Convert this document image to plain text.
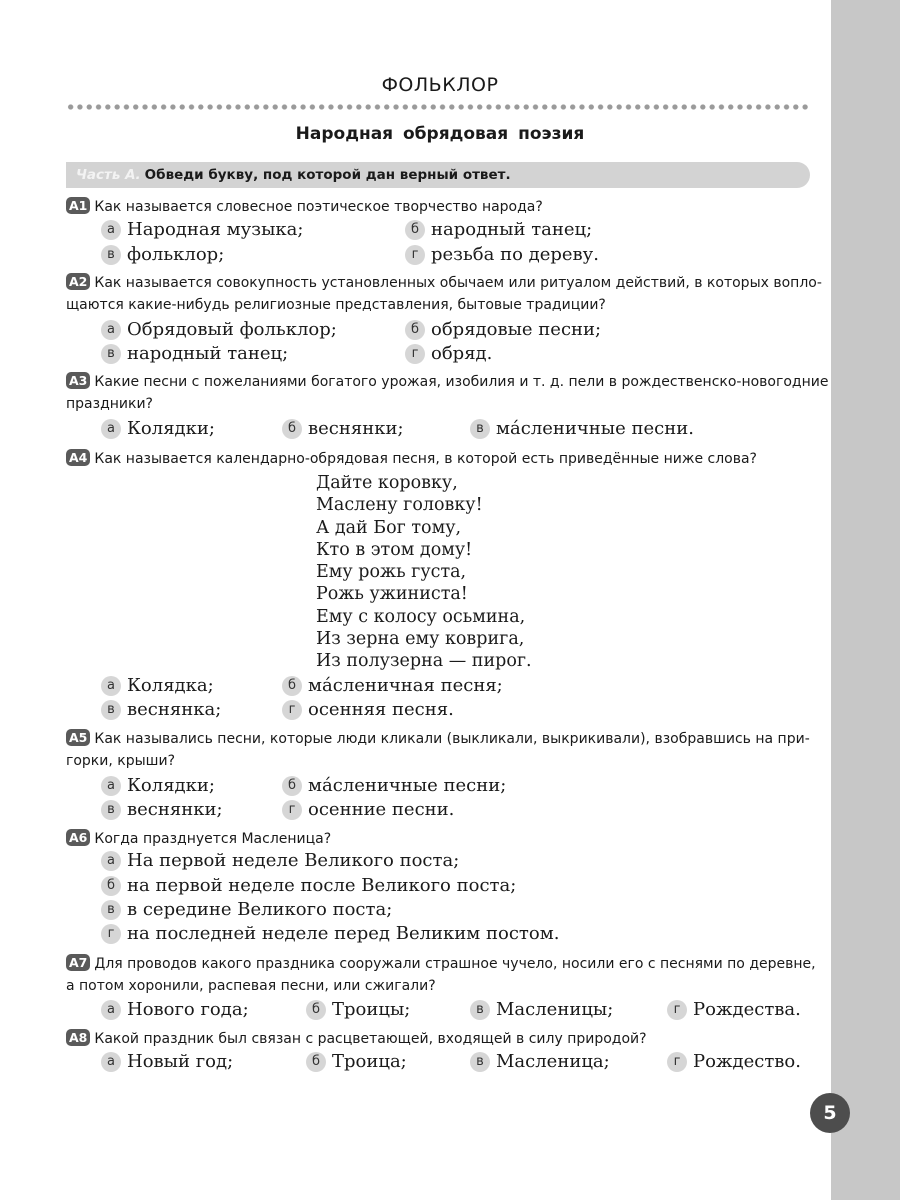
ФОЛЬКЛОР
Народная обрядовая поэзия
Часть А. Обведи букву, под которой дан верный ответ.
А1 Как называется словесное поэтическое творчество народа?
а Народная музыка;	б народный танец;
в фольклор;	г резьба по дереву.
А2 Как называется совокупность установленных обычаем или ритуалом действий, в которых вопло-
щаются какие-нибудь религиозные представления, бытовые традиции?
а Обрядовый фольклор;	б обрядовые песни;
в народный танец;	г обряд.
А3 Какие песни с пожеланиями богатого урожая, изобилия и т. д. пели в рождественско-новогодние
праздники?
а Колядки;	б веснянки;	в ма́сленичные песни.
А4 Как называется календарно-обрядовая песня, в которой есть приведённые ниже слова?
Дайте коровку,
Маслену головку!
А дай Бог тому,
Кто в этом дому!
Ему рожь густа,
Рожь ужиниста!
Ему с колосу осьмина,
Из зерна ему коврига,
Из полузерна — пирог.
а Колядка;	б ма́сленичная песня;
в веснянка;	г осенняя песня.
А5 Как назывались песни, которые люди кликали (выкликали, выкрикивали), взобравшись на при-
горки, крыши?
а Колядки;	б ма́сленичные песни;
в веснянки;	г осенние песни.
А6 Когда празднуется Масленица?
а На первой неделе Великого поста;
б на первой неделе после Великого поста;
в в середине Великого поста;
г на последней неделе перед Великим постом.
А7 Для проводов какого праздника сооружали страшное чучело, носили его с песнями по деревне,
а потом хоронили, распевая песни, или сжигали?
а Нового года;	б Троицы;	в Масленицы;	г Рождества.
А8 Какой праздник был связан с расцветающей, входящей в силу природой?
а Новый год;	б Троица;	в Масленица;	г Рождество.
5
